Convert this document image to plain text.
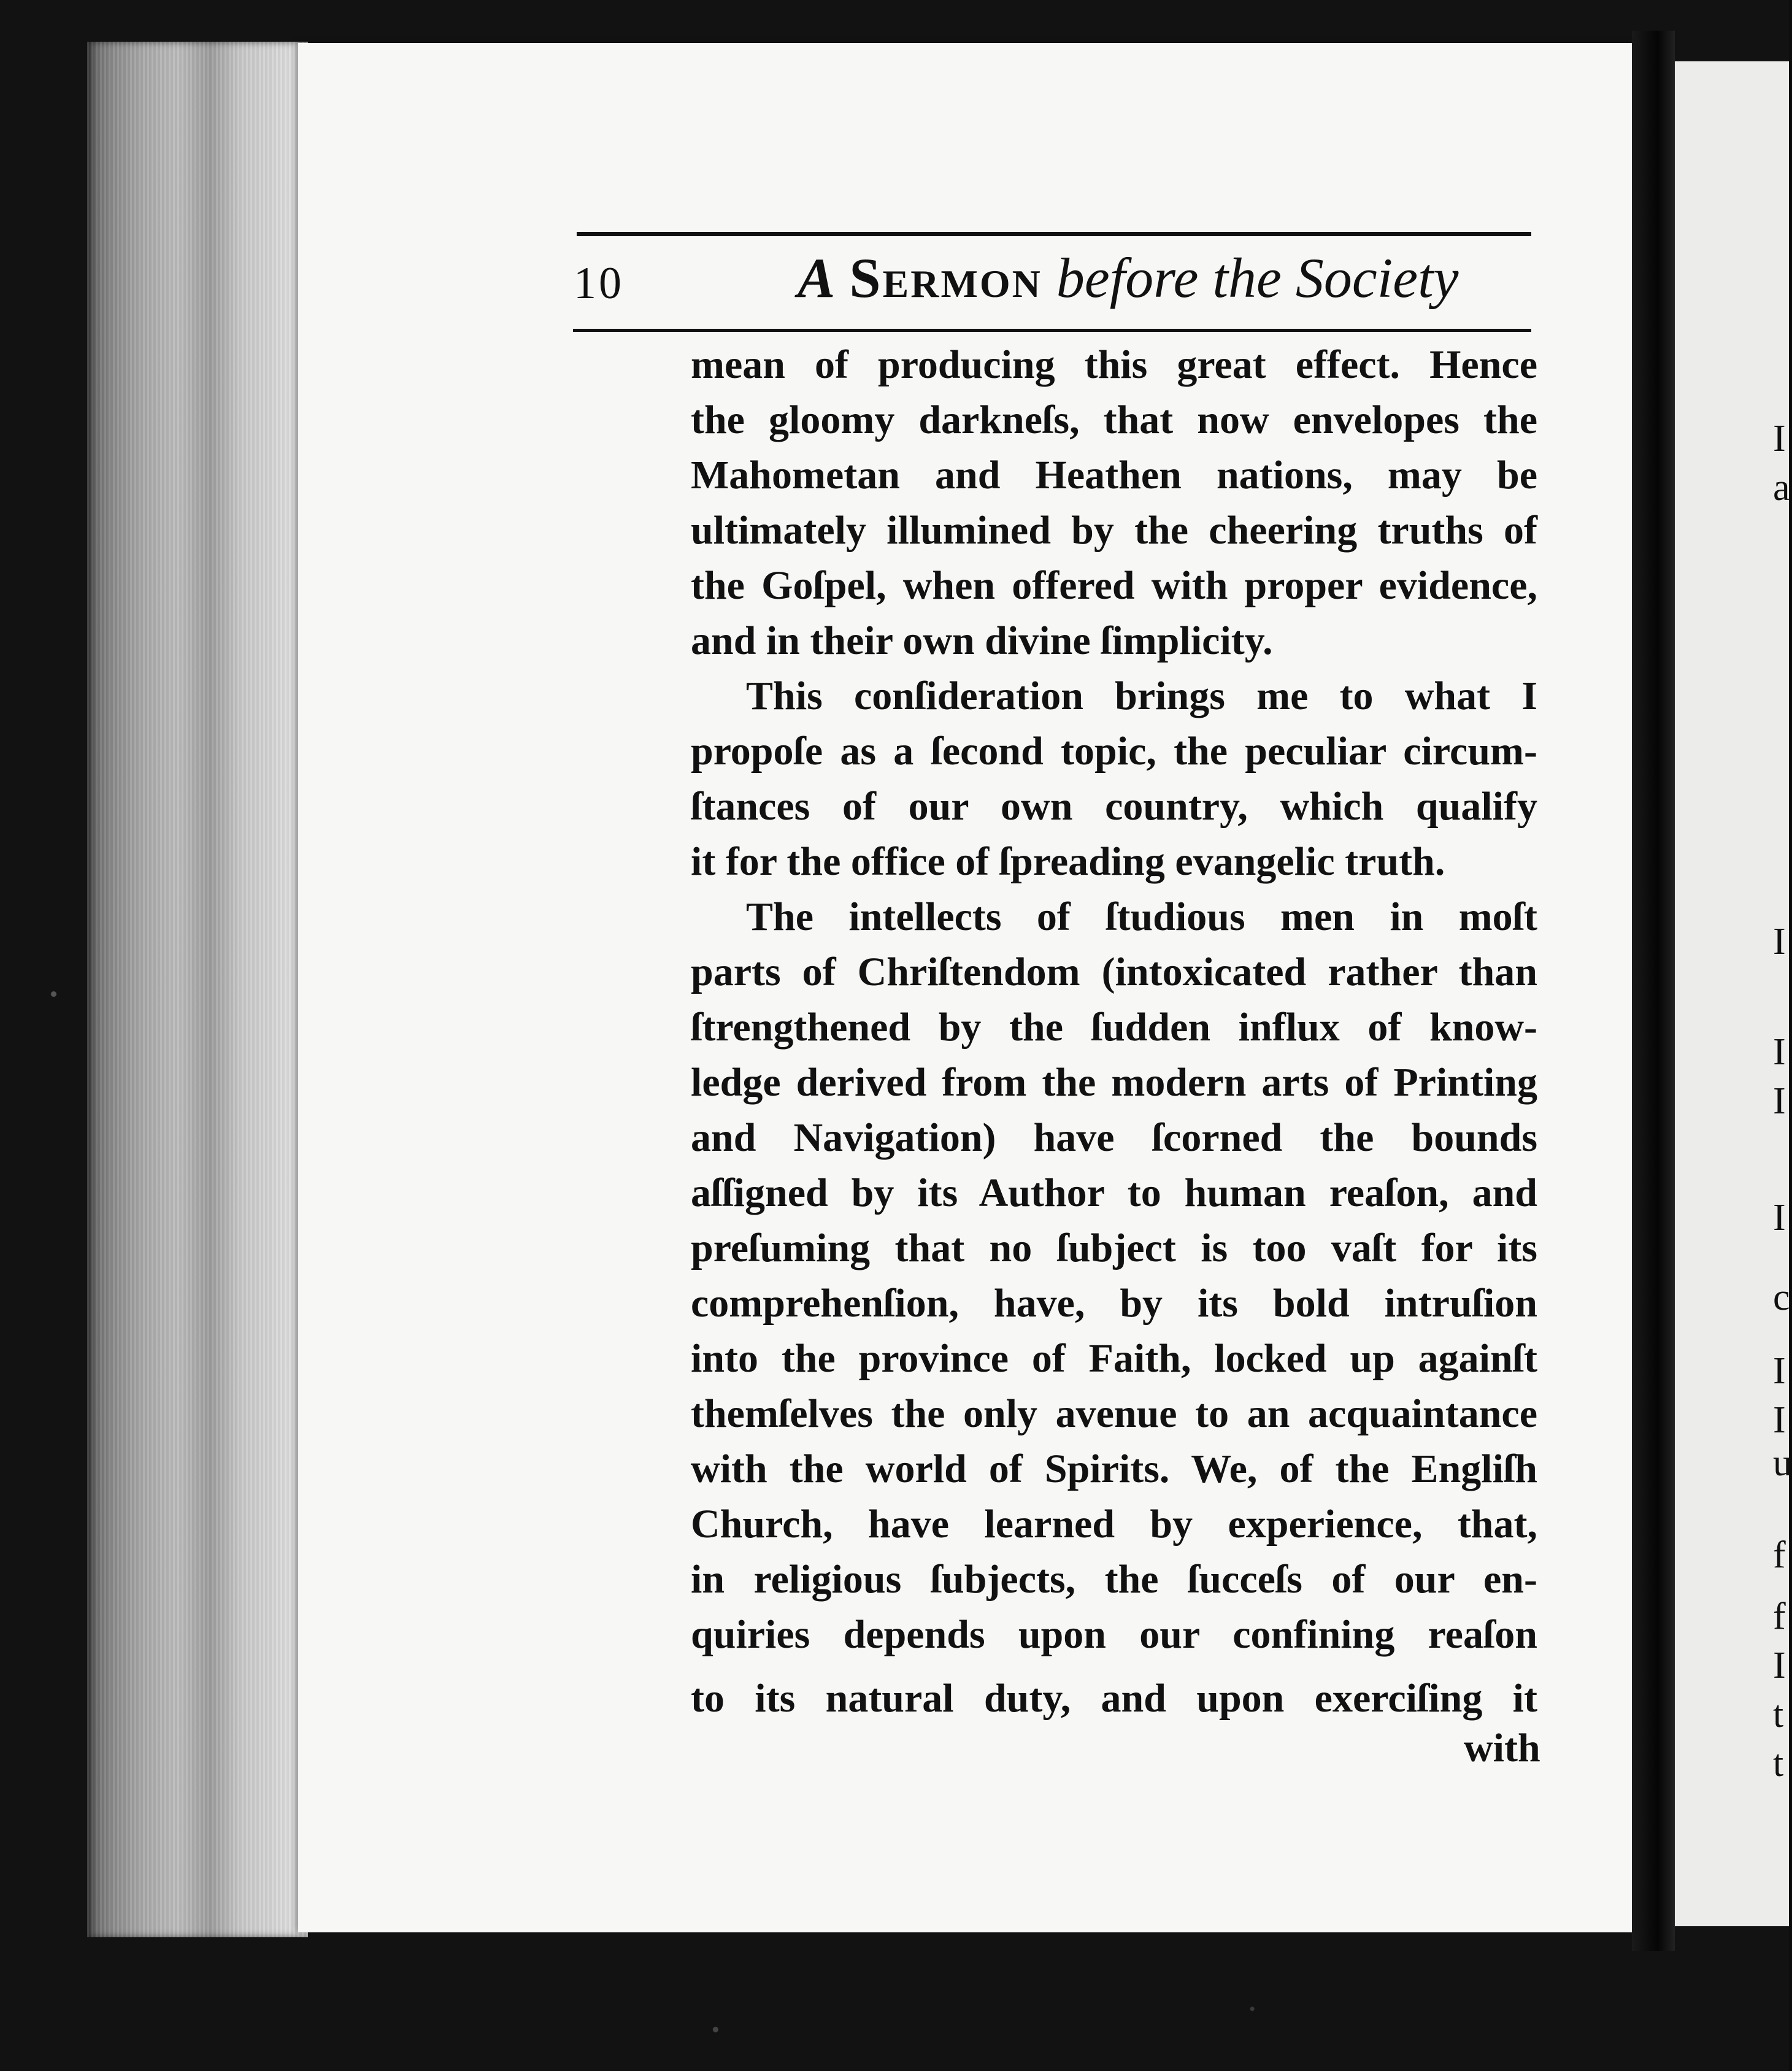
I
a
I
I
I
I
c
I
I
u
f
f
I
t
t
10	A Sermon before the Society
mean of producing this great effect. Hence
the gloomy darkneſs, that now envelopes the
Mahometan and Heathen nations, may be
ultimately illumined by the cheering truths of
the Goſpel, when offered with proper evidence,
and in their own divine ſimplicity.
This conſideration brings me to what I
propoſe as a ſecond topic, the peculiar circum-
ſtances of our own country, which qualify
it for the office of ſpreading evangelic truth.
The intellects of ſtudious men in moſt
parts of Chriſtendom (intoxicated rather than
ſtrengthened by the ſudden influx of know-
ledge derived from the modern arts of Printing
and Navigation) have ſcorned the bounds
aſſigned by its Author to human reaſon, and
preſuming that no ſubject is too vaſt for its
comprehenſion, have, by its bold intruſion
into the province of Faith, locked up againſt
themſelves the only avenue to an acquaintance
with the world of Spirits. We, of the Engliſh
Church, have learned by experience, that,
in religious ſubjects, the ſucceſs of our en-
quiries depends upon our confining reaſon
to its natural duty, and upon exerciſing it
with
